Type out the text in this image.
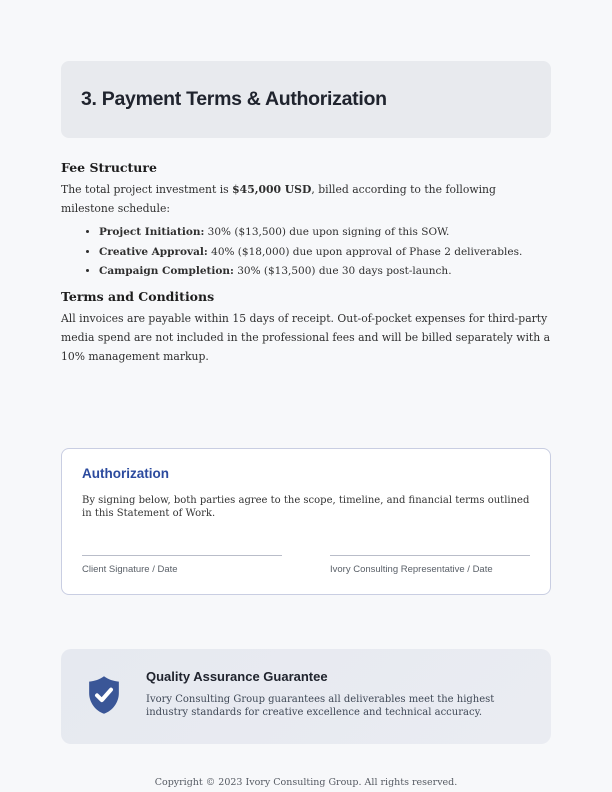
3. Payment Terms & Authorization
Fee Structure

The total project investment is $45,000 USD, billed according to the following milestone schedule:

• Project Initiation: 30% ($13,500) due upon signing of this SOW.
• Creative Approval: 40% ($18,000) due upon approval of Phase 2 deliverables.
• Campaign Completion: 30% ($13,500) due 30 days post-launch.
Terms and Conditions

All invoices are payable within 15 days of receipt. Out-of-pocket expenses for third-party media spend are not included in the professional fees and will be billed separately with a 10% management markup.

Authorization

By signing below, both parties agree to the scope, timeline, and financial terms outlined in this Statement of Work.

Client Signature / Date	Ivory Consulting Representative / Date
Quality Assurance Guarantee

Ivory Consulting Group guarantees all deliverables meet the highest industry standards for creative excellence and technical accuracy.

Copyright © 2023 Ivory Consulting Group. All rights reserved.
